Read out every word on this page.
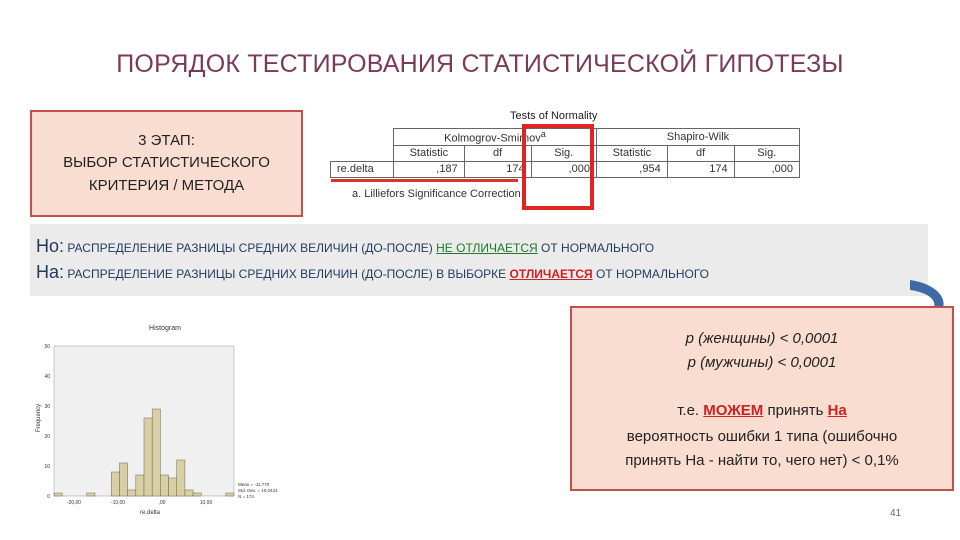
ПОРЯДОК ТЕСТИРОВАНИЯ СТАТИСТИЧЕСКОЙ ГИПОТЕЗЫ
3 ЭТАП:
ВЫБОР СТАТИСТИЧЕСКОГО
КРИТЕРИЯ / МЕТОДА
Tests of Normality
	Kolmogrov-Smirnov$^a$			Shapiro-Wilk		
	Statistic	df	Sig.	Statistic	df	Sig.
re.delta	,187	174	,000	,954	174	,000
a. Lilliefors Significance Correction
Но: РАСПРЕДЕЛЕНИЕ РАЗНИЦЫ СРЕДНИХ ВЕЛИЧИН (ДО-ПОСЛЕ) НЕ ОТЛИЧАЕТСЯ ОТ НОРМАЛЬНОГО
На: РАСПРЕДЕЛЕНИЕ РАЗНИЦЫ СРЕДНИХ ВЕЛИЧИН (ДО-ПОСЛЕ) В ВЫБОРКЕ ОТЛИЧАЕТСЯ ОТ НОРМАЛЬНОГО
Histogram
Frequency
re.delta
0
10
20
30
40
50
-20,00	-10,00	,00	10,00
Mean = -11,770
Std. Dev. = 10,0424
N = 174
p (женщины) < 0,0001
p (мужчины) < 0,0001
т.е. МОЖЕМ принять На
вероятность ошибки 1 типа (ошибочно
принять На - найти то, чего нет) < 0,1%
41
